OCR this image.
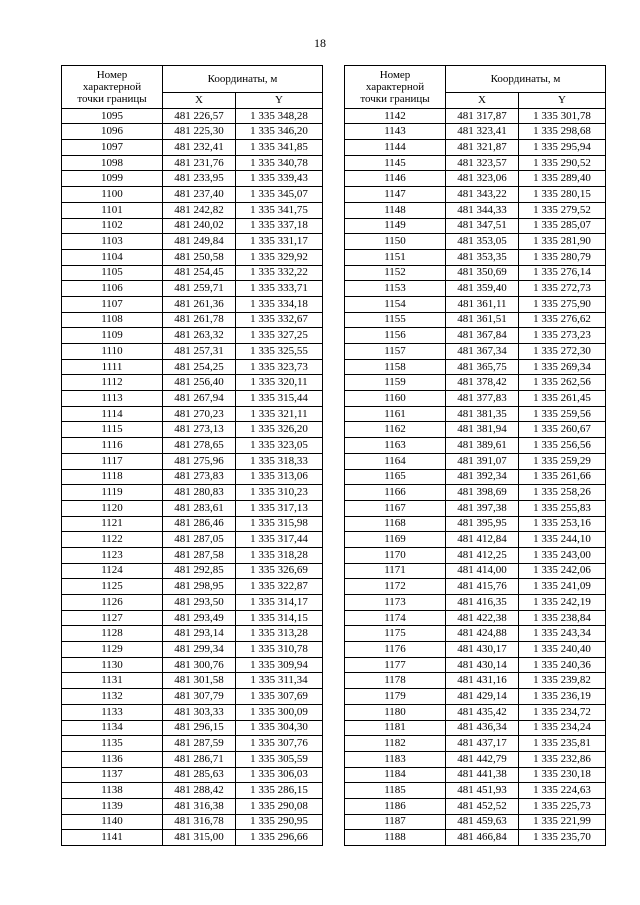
18
Номер характерной точки границы	Координаты, м	
	X	Y
1095	481 226,57	1 335 348,28
1096	481 225,30	1 335 346,20
1097	481 232,41	1 335 341,85
1098	481 231,76	1 335 340,78
1099	481 233,95	1 335 339,43
1100	481 237,40	1 335 345,07
1101	481 242,82	1 335 341,75
1102	481 240,02	1 335 337,18
1103	481 249,84	1 335 331,17
1104	481 250,58	1 335 329,92
1105	481 254,45	1 335 332,22
1106	481 259,71	1 335 333,71
1107	481 261,36	1 335 334,18
1108	481 261,78	1 335 332,67
1109	481 263,32	1 335 327,25
1110	481 257,31	1 335 325,55
1111	481 254,25	1 335 323,73
1112	481 256,40	1 335 320,11
1113	481 267,94	1 335 315,44
1114	481 270,23	1 335 321,11
1115	481 273,13	1 335 326,20
1116	481 278,65	1 335 323,05
1117	481 275,96	1 335 318,33
1118	481 273,83	1 335 313,06
1119	481 280,83	1 335 310,23
1120	481 283,61	1 335 317,13
1121	481 286,46	1 335 315,98
1122	481 287,05	1 335 317,44
1123	481 287,58	1 335 318,28
1124	481 292,85	1 335 326,69
1125	481 298,95	1 335 322,87
1126	481 293,50	1 335 314,17
1127	481 293,49	1 335 314,15
1128	481 293,14	1 335 313,28
1129	481 299,34	1 335 310,78
1130	481 300,76	1 335 309,94
1131	481 301,58	1 335 311,34
1132	481 307,79	1 335 307,69
1133	481 303,33	1 335 300,09
1134	481 296,15	1 335 304,30
1135	481 287,59	1 335 307,76
1136	481 286,71	1 335 305,59
1137	481 285,63	1 335 306,03
1138	481 288,42	1 335 286,15
1139	481 316,38	1 335 290,08
1140	481 316,78	1 335 290,95
1141	481 315,00	1 335 296,66
Номер характерной точки границы	Координаты, м	
	X	Y
1142	481 317,87	1 335 301,78
1143	481 323,41	1 335 298,68
1144	481 321,87	1 335 295,94
1145	481 323,57	1 335 290,52
1146	481 323,06	1 335 289,40
1147	481 343,22	1 335 280,15
1148	481 344,33	1 335 279,52
1149	481 347,51	1 335 285,07
1150	481 353,05	1 335 281,90
1151	481 353,35	1 335 280,79
1152	481 350,69	1 335 276,14
1153	481 359,40	1 335 272,73
1154	481 361,11	1 335 275,90
1155	481 361,51	1 335 276,62
1156	481 367,84	1 335 273,23
1157	481 367,34	1 335 272,30
1158	481 365,75	1 335 269,34
1159	481 378,42	1 335 262,56
1160	481 377,83	1 335 261,45
1161	481 381,35	1 335 259,56
1162	481 381,94	1 335 260,67
1163	481 389,61	1 335 256,56
1164	481 391,07	1 335 259,29
1165	481 392,34	1 335 261,66
1166	481 398,69	1 335 258,26
1167	481 397,38	1 335 255,83
1168	481 395,95	1 335 253,16
1169	481 412,84	1 335 244,10
1170	481 412,25	1 335 243,00
1171	481 414,00	1 335 242,06
1172	481 415,76	1 335 241,09
1173	481 416,35	1 335 242,19
1174	481 422,38	1 335 238,84
1175	481 424,88	1 335 243,34
1176	481 430,17	1 335 240,40
1177	481 430,14	1 335 240,36
1178	481 431,16	1 335 239,82
1179	481 429,14	1 335 236,19
1180	481 435,42	1 335 234,72
1181	481 436,34	1 335 234,24
1182	481 437,17	1 335 235,81
1183	481 442,79	1 335 232,86
1184	481 441,38	1 335 230,18
1185	481 451,93	1 335 224,63
1186	481 452,52	1 335 225,73
1187	481 459,63	1 335 221,99
1188	481 466,84	1 335 235,70
